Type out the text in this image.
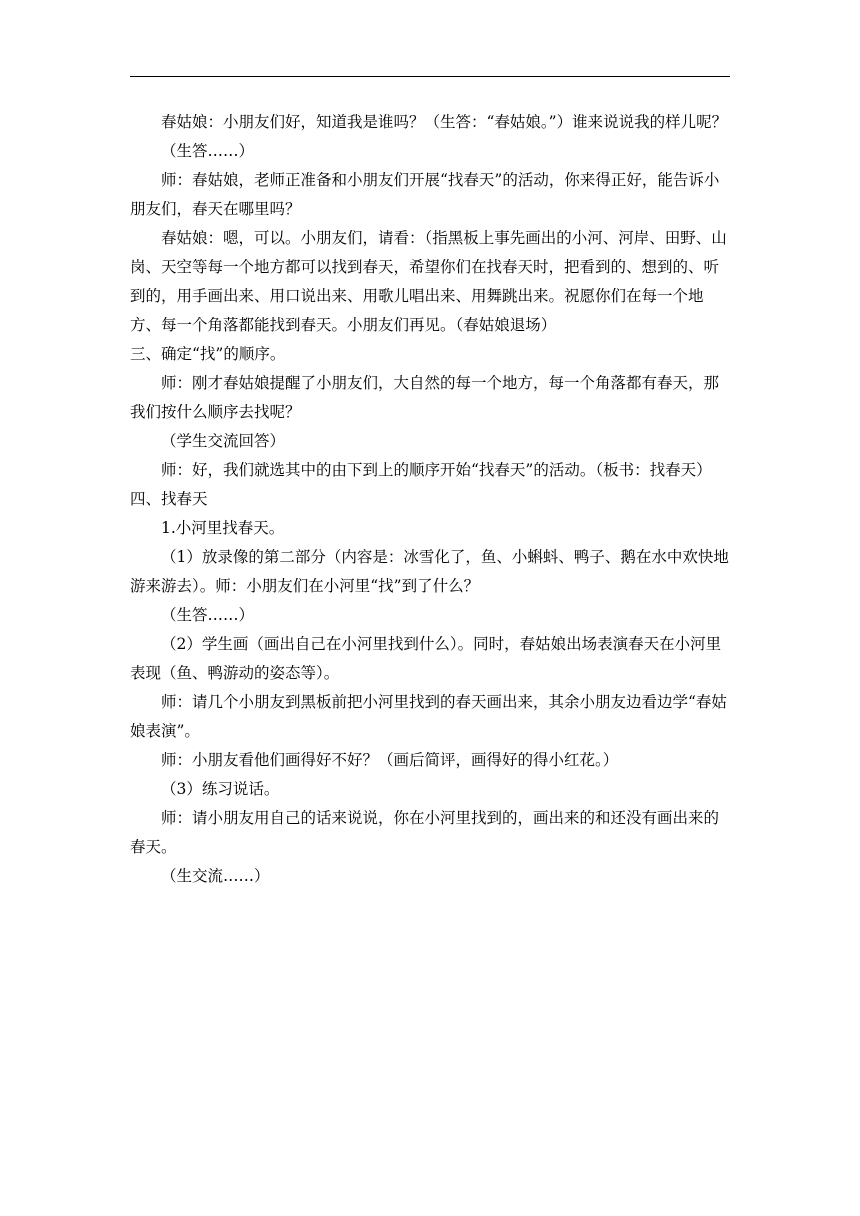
春姑娘：小朋友们好，知道我是谁吗？（生答：“春姑娘。”）谁来说说我的样儿呢？

（生答……）

师：春姑娘，老师正准备和小朋友们开展“找春天”的活动，你来得正好，能告诉小朋友们，春天在哪里吗？

春姑娘：嗯，可以。小朋友们，请看：（指黑板上事先画出的小河、河岸、田野、山岗、天空等每一个地方都可以找到春天，希望你们在找春天时，把看到的、想到的、听到的，用手画出来、用口说出来、用歌儿唱出来、用舞跳出来。祝愿你们在每一个地方、每一个角落都能找到春天。小朋友们再见。（春姑娘退场）

三、确定“找”的顺序。

师：刚才春姑娘提醒了小朋友们，大自然的每一个地方，每一个角落都有春天，那我们按什么顺序去找呢？

（学生交流回答）

师：好，我们就选其中的由下到上的顺序开始“找春天”的活动。（板书：找春天）

四、找春天

1.小河里找春天。

（1）放录像的第二部分（内容是：冰雪化了，鱼、小蝌蚪、鸭子、鹅在水中欢快地游来游去）。师：小朋友们在小河里“找”到了什么？

（生答……）

（2）学生画（画出自己在小河里找到什么）。同时，春姑娘出场表演春天在小河里表现（鱼、鸭游动的姿态等）。

师：请几个小朋友到黑板前把小河里找到的春天画出来，其余小朋友边看边学“春姑娘表演”。

师：小朋友看他们画得好不好？（画后简评，画得好的得小红花。）

（3）练习说话。

师：请小朋友用自己的话来说说，你在小河里找到的，画出来的和还没有画出来的春天。

（生交流……）
